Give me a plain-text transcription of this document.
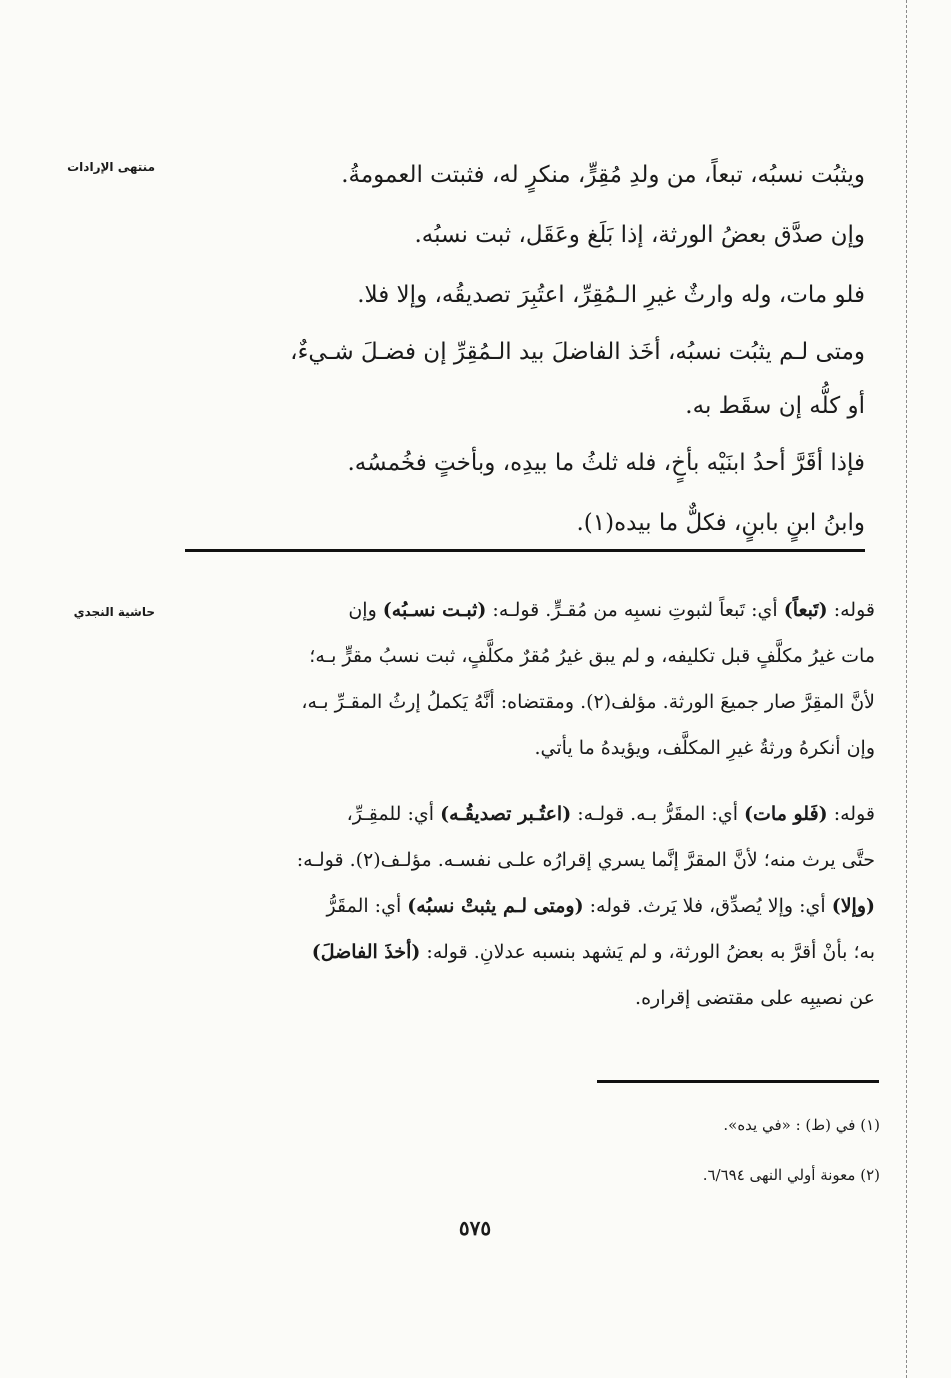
منتهى الإرادات
حاشية النجدي
ويثبُت نسبُه، تبعاً، من ولدِ مُقِرٍّ، منكرٍ له، فثبتت العمومةُ.
وإن صدَّق بعضُ الورثة، إذا بَلَغ وعَقَل، ثبت نسبُه.
فلو مات، وله وارثٌ غيرِ الـمُقِرِّ، اعتُبِرَ تصديقُه، وإلا فلا.
ومتى لـم يثبُت نسبُه، أخَذ الفاضلَ بيد الـمُقِرِّ إن فضـلَ شـيءٌ،
أو كلُّه إن سقَط به.
فإذا أقَرَّ أحدُ ابنَيْه بأخٍ، فله ثلثُ ما بيدِه، وبأختٍ فخُمسُه.
وابنُ ابنٍ بابنٍ، فكلٌّ ما بيده(١).
قوله: (تَبعاً) أي: تَبعاً لثبوتِ نسبِه من مُقـرٍّ. قولـه: (ثبـت نسـبُه) وإن
مات غيرُ مكلَّفٍ قبل تكليفه، و لم يبق غيرُ مُقرٌ مكلَّفٍ، ثبت نسبُ مقرٍّ بـه؛
لأنَّ المقِرَّ صار جميعَ الورثة. مؤلف(٢). ومقتضاه: أنَّهُ يَكملُ إرثُ المقـرِّ بـه،
وإن أنكرهُ ورثةُ غيرِ المكلَّف، ويؤيدهُ ما يأتي.
قوله: (فَلو مات) أي: المقَرُّ بـه. قولـه: (اعتُـبر تصديقُـه) أي: للمقِـرِّ،
حتَّى يرث منه؛ لأنَّ المقرَّ إنَّما يسري إقرارُه علـى نفسـه. مؤلـف(٢). قولـه:
(وإلا) أي: وإلا يُصدِّق، فلا يَرث. قوله: (ومتى لـم يثبتْ نسبُه) أي: المقَرُّ
به؛ بأنْ أقرَّ به بعضُ الورثة، و لم يَشهد بنسبه عدلانِ. قوله: (أخذَ الفاضلَ)
عن نصيبِه على مقتضى إقراره.
(١) في (ط) : «في يده».
(٢) معونة أولي النهى ٦/٦٩٤.
٥٧٥
